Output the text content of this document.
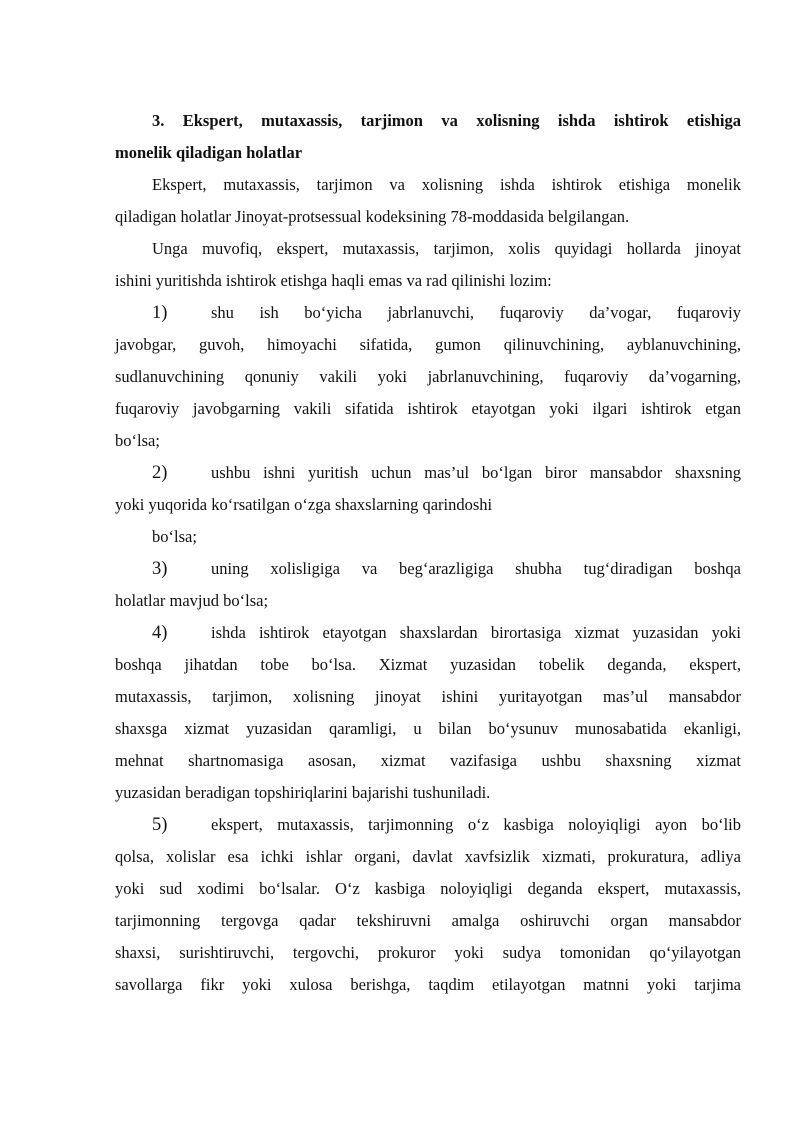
3. Ekspert, mutaxassis, tarjimon va xolisning ishda ishtirok etishiga
monelik qiladigan holatlar
Ekspert, mutaxassis, tarjimon va xolisning ishda ishtirok etishiga monelik
qiladigan holatlar Jinoyat-protsessual kodeksining 78-moddasida belgilangan.
Unga muvofiq, ekspert, mutaxassis, tarjimon, xolis quyidagi hollarda jinoyat
ishini yuritishda ishtirok etishga haqli emas va rad qilinishi lozim:
1)	shu ish bo‘yicha jabrlanuvchi, fuqaroviy da’vogar, fuqaroviy
javobgar, guvoh, himoyachi sifatida, gumon qilinuvchining, ayblanuvchining,
sudlanuvchining qonuniy vakili yoki jabrlanuvchining, fuqaroviy da’vogarning,
fuqaroviy javobgarning vakili sifatida ishtirok etayotgan yoki ilgari ishtirok etgan
bo‘lsa;
2)	ushbu ishni yuritish uchun mas’ul bo‘lgan biror mansabdor shaxsning
yoki yuqorida ko‘rsatilgan o‘zga shaxslarning qarindoshi
bo‘lsa;
3)	uning xolisligiga va beg‘arazligiga shubha tug‘diradigan boshqa
holatlar mavjud bo‘lsa;
4)	ishda ishtirok etayotgan shaxslardan birortasiga xizmat yuzasidan yoki
boshqa jihatdan tobe bo‘lsa. Xizmat yuzasidan tobelik deganda, ekspert,
mutaxassis, tarjimon, xolisning jinoyat ishini yuritayotgan mas’ul mansabdor
shaxsga xizmat yuzasidan qaramligi, u bilan bo‘ysunuv munosabatida ekanligi,
mehnat shartnomasiga asosan, xizmat vazifasiga ushbu shaxsning xizmat
yuzasidan beradigan topshiriqlarini bajarishi tushuniladi.
5)	ekspert, mutaxassis, tarjimonning o‘z kasbiga noloyiqligi ayon bo‘lib
qolsa, xolislar esa ichki ishlar organi, davlat xavfsizlik xizmati, prokuratura, adliya
yoki sud xodimi bo‘lsalar. O‘z kasbiga noloyiqligi deganda ekspert, mutaxassis,
tarjimonning tergovga qadar tekshiruvni amalga oshiruvchi organ mansabdor
shaxsi, surishtiruvchi, tergovchi, prokuror yoki sudya tomonidan qo‘yilayotgan
savollarga fikr yoki xulosa berishga, taqdim etilayotgan matnni yoki tarjima
